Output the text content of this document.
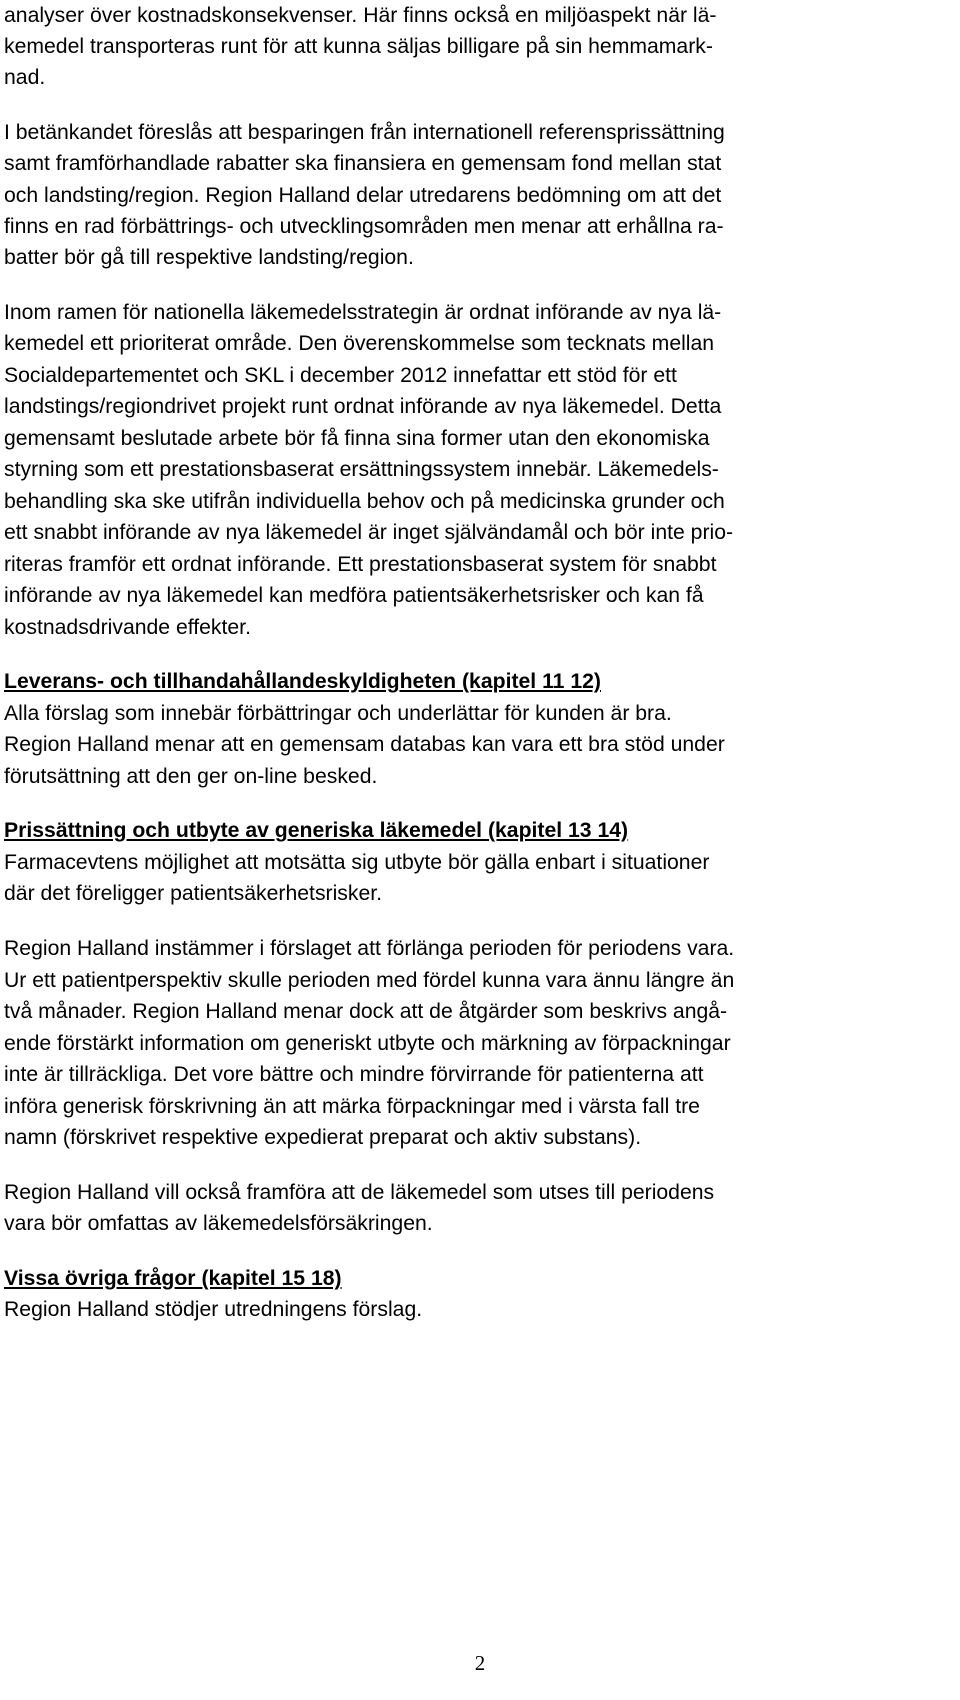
analyser över kostnadskonsekvenser. Här finns också en miljöaspekt när lä-
kemedel transporteras runt för att kunna säljas billigare på sin hemmamark-
nad.
I betänkandet föreslås att besparingen från internationell referensprissättning
samt framförhandlade rabatter ska finansiera en gemensam fond mellan stat
och landsting/region. Region Halland delar utredarens bedömning om att det
finns en rad förbättrings- och utvecklingsområden men menar att erhållna ra-
batter bör gå till respektive landsting/region.
Inom ramen för nationella läkemedelsstrategin är ordnat införande av nya lä-
kemedel ett prioriterat område. Den överenskommelse som tecknats mellan
Socialdepartementet och SKL i december 2012 innefattar ett stöd för ett
landstings/regiondrivet projekt runt ordnat införande av nya läkemedel. Detta
gemensamt beslutade arbete bör få finna sina former utan den ekonomiska
styrning som ett prestationsbaserat ersättningssystem innebär. Läkemedels-
behandling ska ske utifrån individuella behov och på medicinska grunder och
ett snabbt införande av nya läkemedel är inget självändamål och bör inte prio-
riteras framför ett ordnat införande. Ett prestationsbaserat system för snabbt
införande av nya läkemedel kan medföra patientsäkerhetsrisker och kan få
kostnadsdrivande effekter.
Leverans- och tillhandahållandeskyldigheten (kapitel 11 12)
Alla förslag som innebär förbättringar och underlättar för kunden är bra.
Region Halland menar att en gemensam databas kan vara ett bra stöd under
förutsättning att den ger on-line besked.
Prissättning och utbyte av generiska läkemedel (kapitel 13 14)
Farmacevtens möjlighet att motsätta sig utbyte bör gälla enbart i situationer
där det föreligger patientsäkerhetsrisker.
Region Halland instämmer i förslaget att förlänga perioden för periodens vara.
Ur ett patientperspektiv skulle perioden med fördel kunna vara ännu längre än
två månader. Region Halland menar dock att de åtgärder som beskrivs angå-
ende förstärkt information om generiskt utbyte och märkning av förpackningar
inte är tillräckliga. Det vore bättre och mindre förvirrande för patienterna att
införa generisk förskrivning än att märka förpackningar med i värsta fall tre
namn (förskrivet respektive expedierat preparat och aktiv substans).
Region Halland vill också framföra att de läkemedel som utses till periodens
vara bör omfattas av läkemedelsförsäkringen.
Vissa övriga frågor (kapitel 15 18)
Region Halland stödjer utredningens förslag.
2
